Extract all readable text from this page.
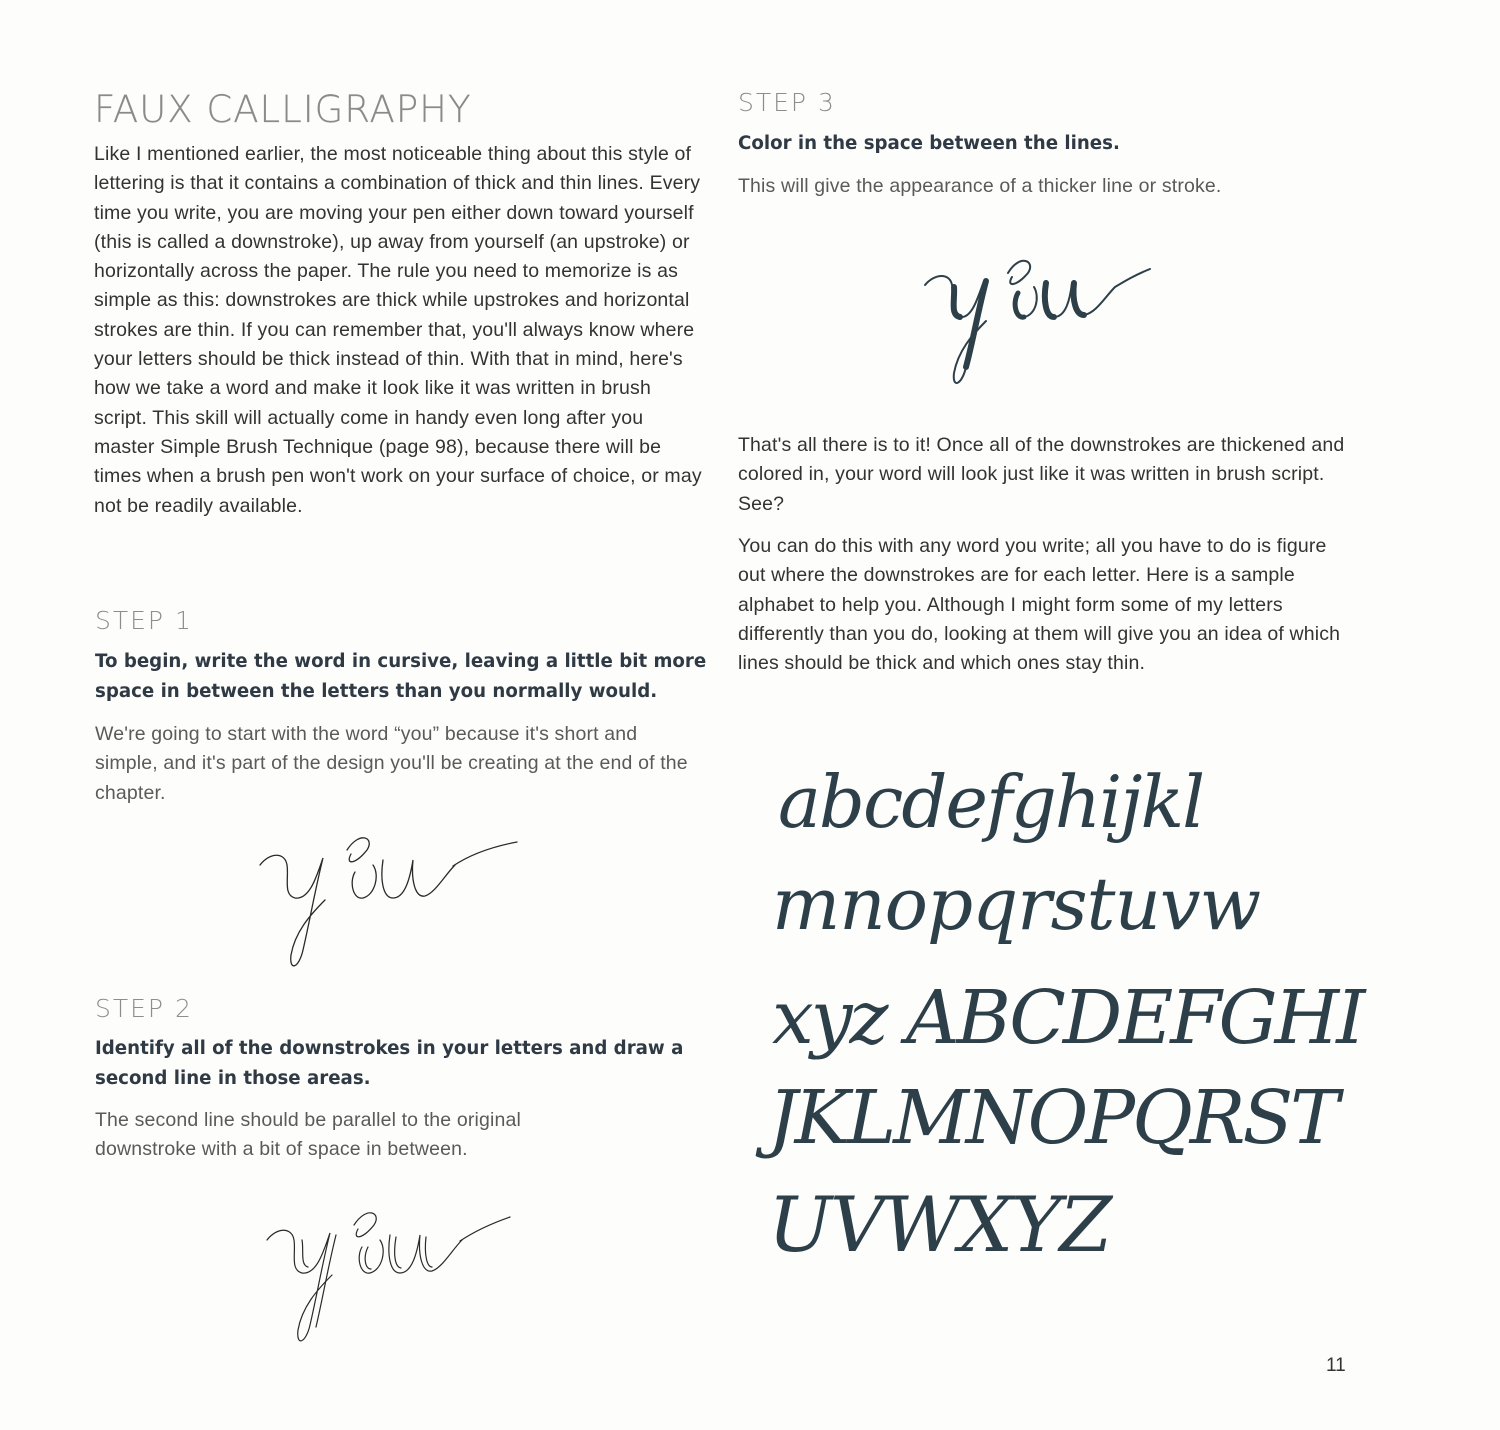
FAUX CALLIGRAPHY

Like I mentioned earlier, the most noticeable thing about this style of lettering is that it contains a combination of thick and thin lines. Every time you write, you are moving your pen either down toward yourself (this is called a downstroke), up away from yourself (an upstroke) or horizontally across the paper. The rule you need to memorize is as simple as this: downstrokes are thick while upstrokes and horizontal strokes are thin. If you can remember that, you'll always know where your letters should be thick instead of thin. With that in mind, here's how we take a word and make it look like it was written in brush script. This skill will actually come in handy even long after you master Simple Brush Technique (page 98), because there will be times when a brush pen won't work on your surface of choice, or may not be readily available.

STEP 1

To begin, write the word in cursive, leaving a little bit more space in between the letters than you normally would.

We're going to start with the word “you” because it's short and simple, and it's part of the design you'll be creating at the end of the chapter.

STEP 2

Identify all of the downstrokes in your letters and draw a second line in those areas.

The second line should be parallel to the original downstroke with a bit of space in between.

STEP 3

Color in the space between the lines.

This will give the appearance of a thicker line or stroke.

That's all there is to it! Once all of the downstrokes are thickened and colored in, your word will look just like it was written in brush script. See?

You can do this with any word you write; all you have to do is figure out where the downstrokes are for each letter. Here is a sample alphabet to help you. Although I might form some of my letters differently than you do, looking at them will give you an idea of which lines should be thick and which ones stay thin.

abcdefghijkl

mnopqrstuvw

xyz ABCDEFGHI

JKLMNOPQRST

UVWXYZ

11
